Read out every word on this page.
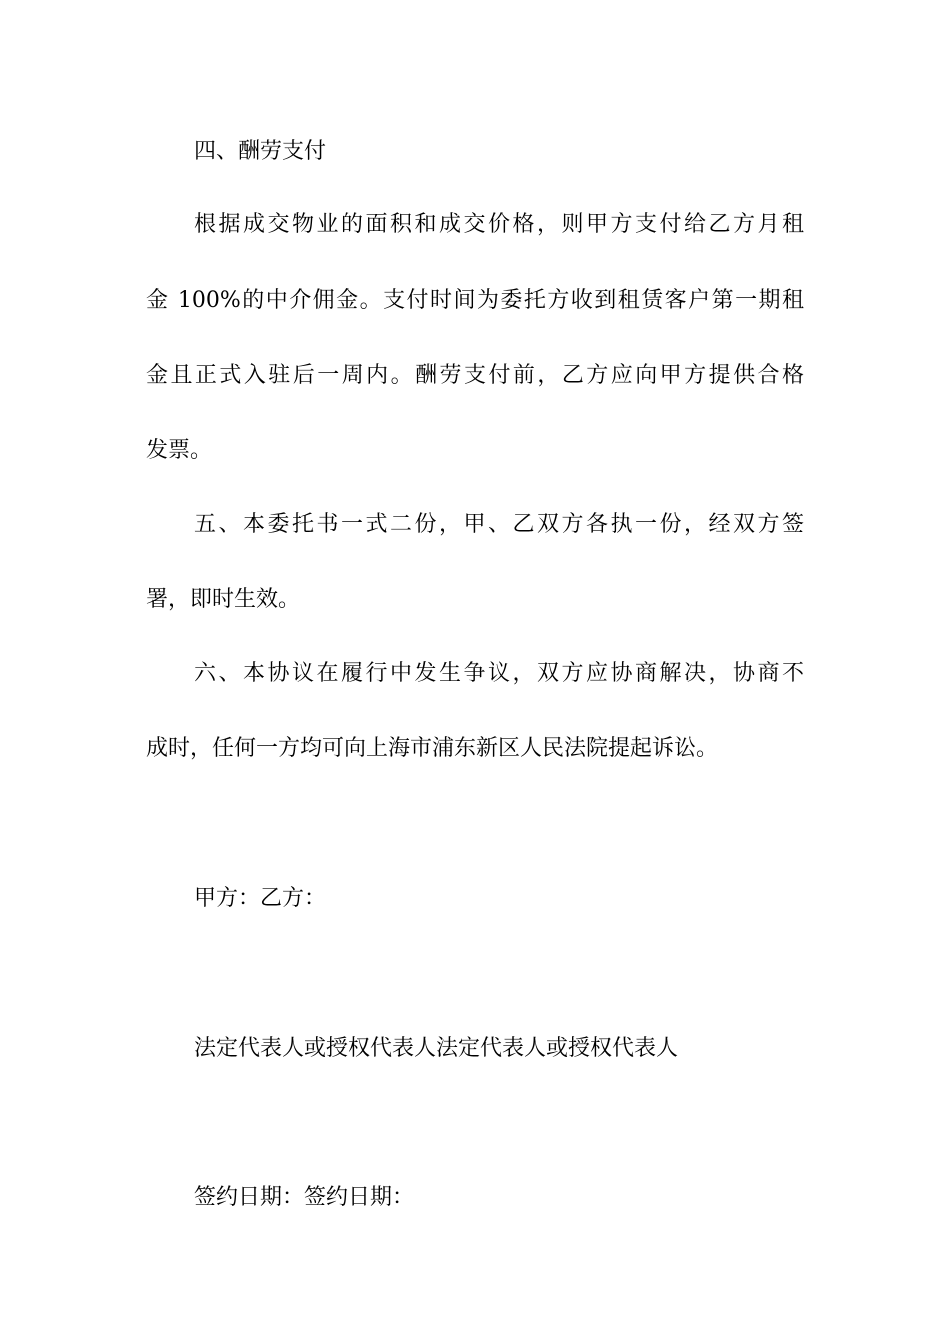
四、酬劳支付
根据成交物业的面积和成交价格，则甲方支付给乙方月租
金 100%的中介佣金。支付时间为委托方收到租赁客户第一期租
金且正式入驻后一周内。酬劳支付前，乙方应向甲方提供合格
发票。
五、本委托书一式二份，甲、乙双方各执一份，经双方签
署，即时生效。
六、本协议在履行中发生争议，双方应协商解决，协商不
成时，任何一方均可向上海市浦东新区人民法院提起诉讼。
甲方：乙方：
法定代表人或授权代表人法定代表人或授权代表人
签约日期：签约日期：
